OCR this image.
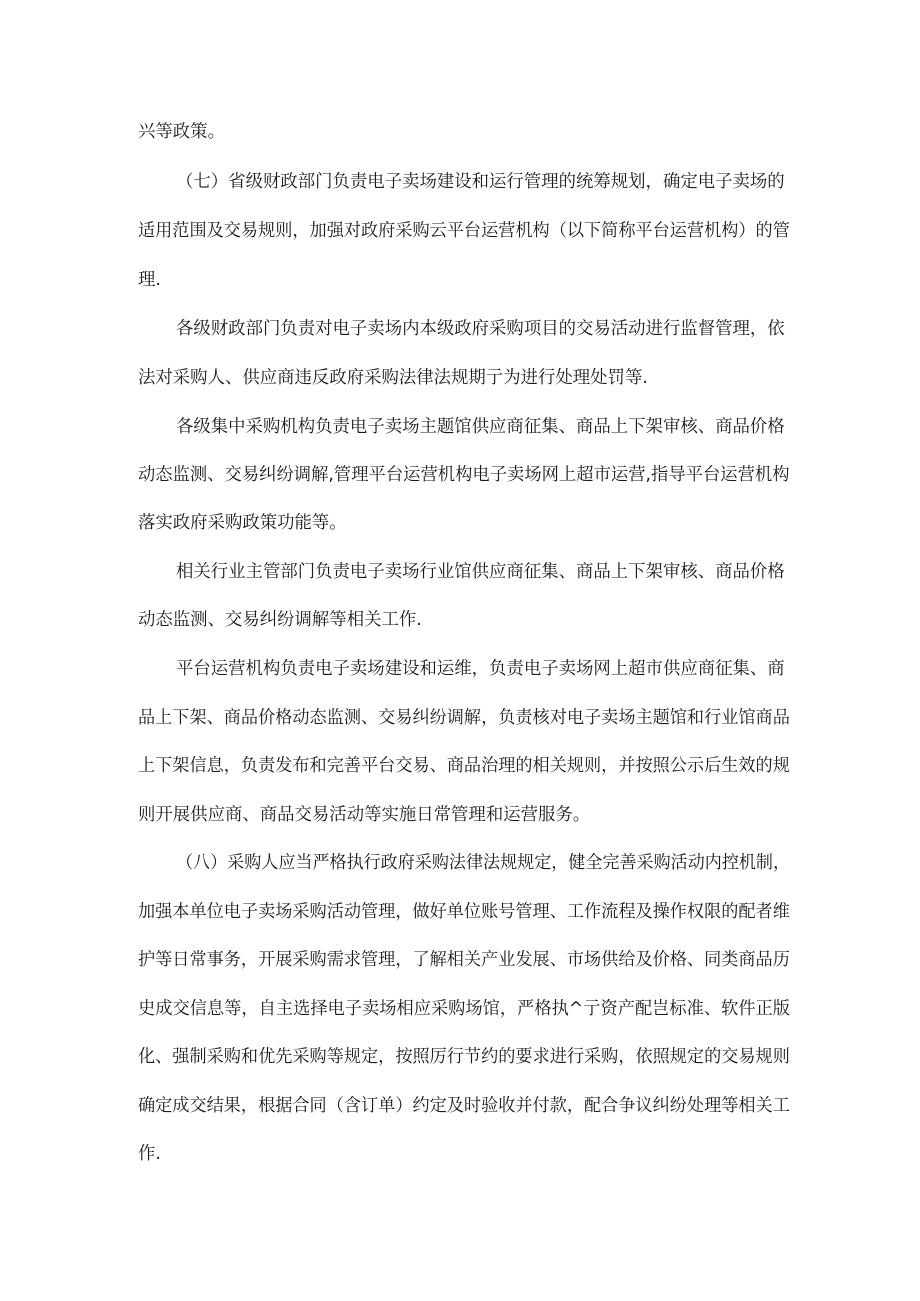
兴等政策。
（七）省级财政部门负责电子卖场建设和运行管理的统筹规划，确定电子卖场的
适用范围及交易规则，加强对政府采购云平台运营机构（以下简称平台运营机构）的管
理.
各级财政部门负责对电子卖场内本级政府采购项目的交易活动进行监督管理，依
法对采购人、供应商违反政府采购法律法规期亍为进行处理处罚等.
各级集中采购机构负责电子卖场主题馆供应商征集、商品上下架审核、商品价格
动态监测、交易纠纷调解,管理平台运营机构电子卖场网上超市运营,指导平台运营机构
落实政府采购政策功能等。
相关行业主管部门负责电子卖场行业馆供应商征集、商品上下架审核、商品价格
动态监测、交易纠纷调解等相关工作.
平台运营机构负责电子卖场建设和运维，负责电子卖场网上超市供应商征集、商
品上下架、商品价格动态监测、交易纠纷调解，负责核对电子卖场主题馆和行业馆商品
上下架信息，负责发布和完善平台交易、商品治理的相关规则，并按照公示后生效的规
则开展供应商、商品交易活动等实施日常管理和运营服务。
（八）采购人应当严格执行政府采购法律法规规定，健全完善采购活动内控机制，
加强本单位电子卖场采购活动管理，做好单位账号管理、工作流程及操作权限的配者维
护等日常事务，开展采购需求管理，了解相关产业发展、市场供给及价格、同类商品历
史成交信息等，自主选择电子卖场相应采购场馆，严格执^亍资产配岂标准、软件正版
化、强制采购和优先采购等规定，按照厉行节约的要求进行采购，依照规定的交易规则
确定成交结果，根据合同（含订单）约定及时验收并付款，配合争议纠纷处理等相关工
作.
